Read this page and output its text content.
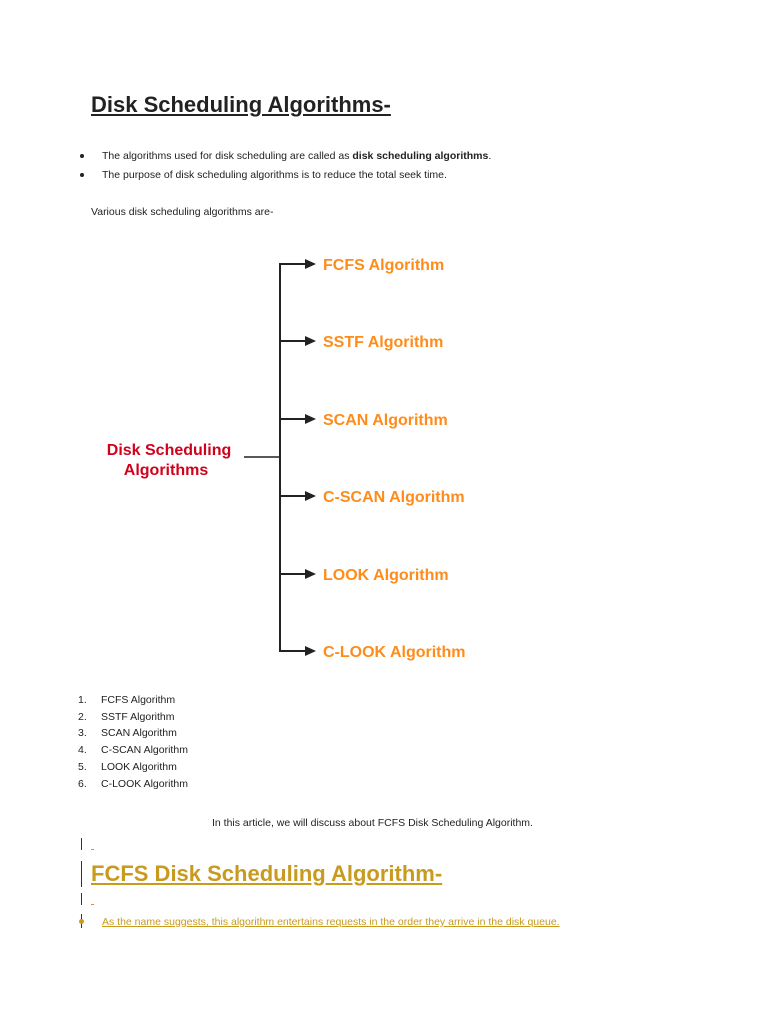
Disk Scheduling Algorithms-
The algorithms used for disk scheduling are called as disk scheduling algorithms.
The purpose of disk scheduling algorithms is to reduce the total seek time.

Various disk scheduling algorithms are-

Disk Scheduling
Algorithms
FCFS Algorithm
SSTF Algorithm
SCAN Algorithm
C-SCAN Algorithm
LOOK Algorithm
C-LOOK Algorithm
1. FCFS Algorithm
2. SSTF Algorithm
3. SCAN Algorithm
4. C-SCAN Algorithm
5. LOOK Algorithm
6. C-LOOK Algorithm

In this article, we will discuss about FCFS Disk Scheduling Algorithm.

FCFS Disk Scheduling Algorithm-

As the name suggests, this algorithm entertains requests in the order they arrive in the disk queue.
